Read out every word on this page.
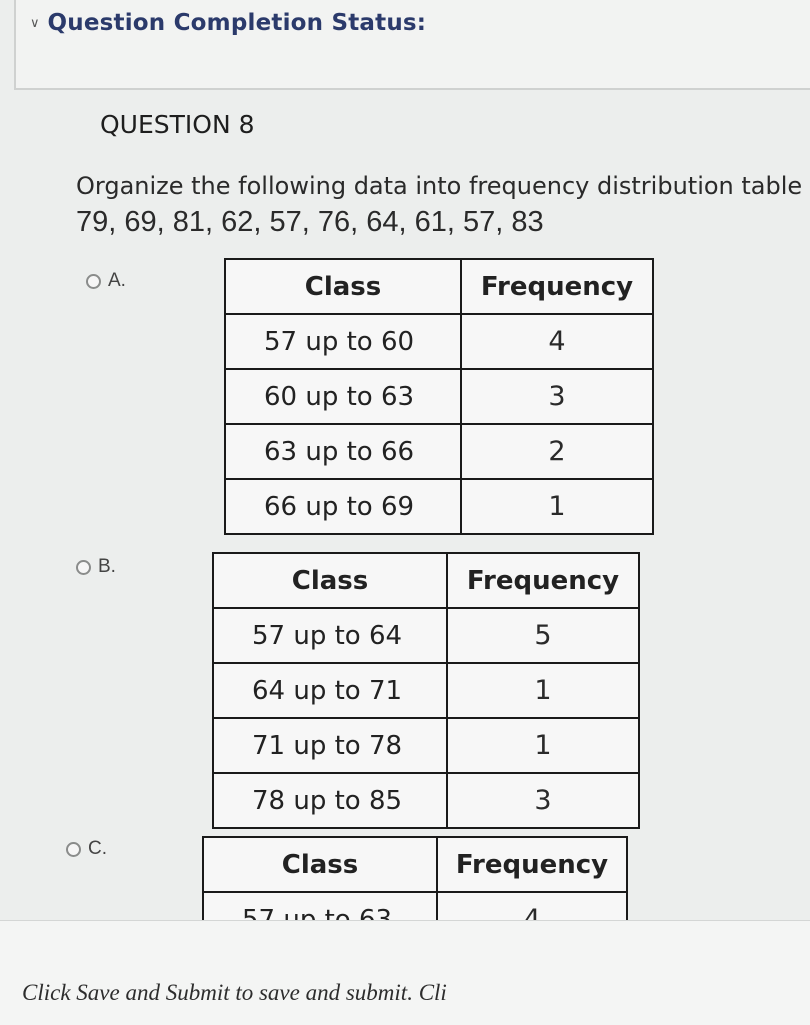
∨ Question Completion Status:
QUESTION 8
Organize the following data into frequency distribution table
79, 69, 81, 62, 57, 76, 64, 61, 57, 83
A.	Class	Frequency
57 up to 60	4
60 up to 63	3
63 up to 66	2
66 up to 69	1
B.	Class	Frequency
57 up to 64	5
64 up to 71	1
71 up to 78	1
78 up to 85	3
C.
Class	Frequency

Click Save and Submit to save and submit. Cli
